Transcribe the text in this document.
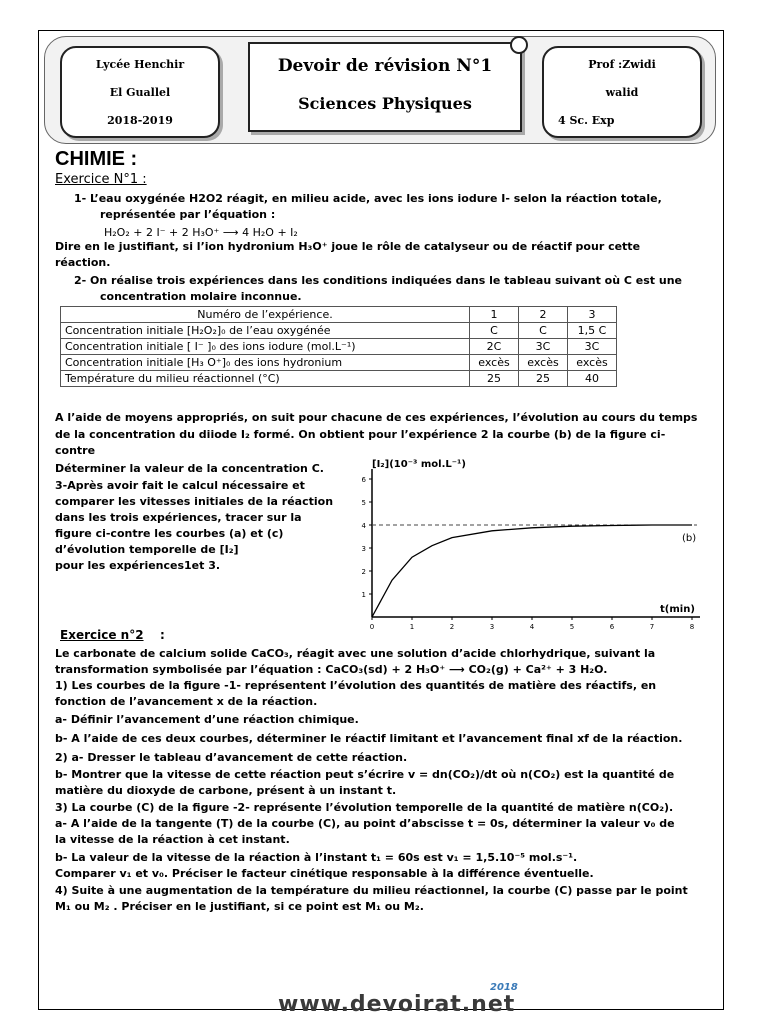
Lycée Henchir
El Guallel
2018-2019
Devoir de révision N°1
Sciences Physiques
Prof :Zwidi
walid
4 Sc. Exp
CHIMIE :
Exercice N°1 :
1- L’eau oxygénée H2O2 réagit, en milieu acide, avec les ions iodure I- selon la réaction totale,
représentée par l’équation :
H₂O₂ + 2 I⁻ + 2 H₃O⁺ ⟶ 4 H₂O + I₂
Dire en le justifiant, si l’ion hydronium H₃O⁺ joue le rôle de catalyseur ou de réactif pour cette
réaction.
2- On réalise trois expériences dans les conditions indiquées dans le tableau suivant où C est une
concentration molaire inconnue.
Numéro de l’expérience.	1	2	3
Concentration initiale [H₂O₂]₀ de l’eau oxygénée	C	C	1,5 C
Concentration initiale [ I⁻ ]₀ des ions iodure (mol.L⁻¹)	2C	3C	3C
Concentration initiale [H₃ O⁺]₀ des ions hydronium	excès	excès	excès
Température du milieu réactionnel (°C)	25	25	40
A l’aide de moyens appropriés, on suit pour chacune de ces expériences, l’évolution au cours du temps
de la concentration du diiode I₂ formé. On obtient pour l’expérience 2 la courbe (b) de la figure ci-
contre
Déterminer la valeur de la concentration C.
3-Après avoir fait le calcul nécessaire et
comparer les vitesses initiales de la réaction
dans les trois expériences, tracer sur la
figure ci-contre les courbes (a) et (c)
d’évolution temporelle de [I₂]
pour les expériences1et 3.
0	1	2	3	4	5	6	7	8
1
2
3
4
5
6
(b)
[I₂](10⁻³ mol.L⁻¹)
t(min)
Exercice n°2 :
Le carbonate de calcium solide CaCO₃, réagit avec une solution d’acide chlorhydrique, suivant la
transformation symbolisée par l’équation : CaCO₃(sd) + 2 H₃O⁺ ⟶ CO₂(g) + Ca²⁺ + 3 H₂O.
1) Les courbes de la figure -1- représentent l’évolution des quantités de matière des réactifs, en
fonction de l’avancement x de la réaction.
a- Définir l’avancement d’une réaction chimique.
b- A l’aide de ces deux courbes, déterminer le réactif limitant et l’avancement final xf de la réaction.
2) a- Dresser le tableau d’avancement de cette réaction.
b- Montrer que la vitesse de cette réaction peut s’écrire v = dn(CO₂)/dt où n(CO₂) est la quantité de
matière du dioxyde de carbone, présent à un instant t.
3) La courbe (C) de la figure -2- représente l’évolution temporelle de la quantité de matière n(CO₂).
a- A l’aide de la tangente (T) de la courbe (C), au point d’abscisse t = 0s, déterminer la valeur v₀ de
la vitesse de la réaction à cet instant.
b- La valeur de la vitesse de la réaction à l’instant t₁ = 60s est v₁ = 1,5.10⁻⁵ mol.s⁻¹.
Comparer v₁ et v₀. Préciser le facteur cinétique responsable à la différence éventuelle.
4) Suite à une augmentation de la température du milieu réactionnel, la courbe (C) passe par le point
M₁ ou M₂ . Préciser en le justifiant, si ce point est M₁ ou M₂.
www.devoirat.net
2018
